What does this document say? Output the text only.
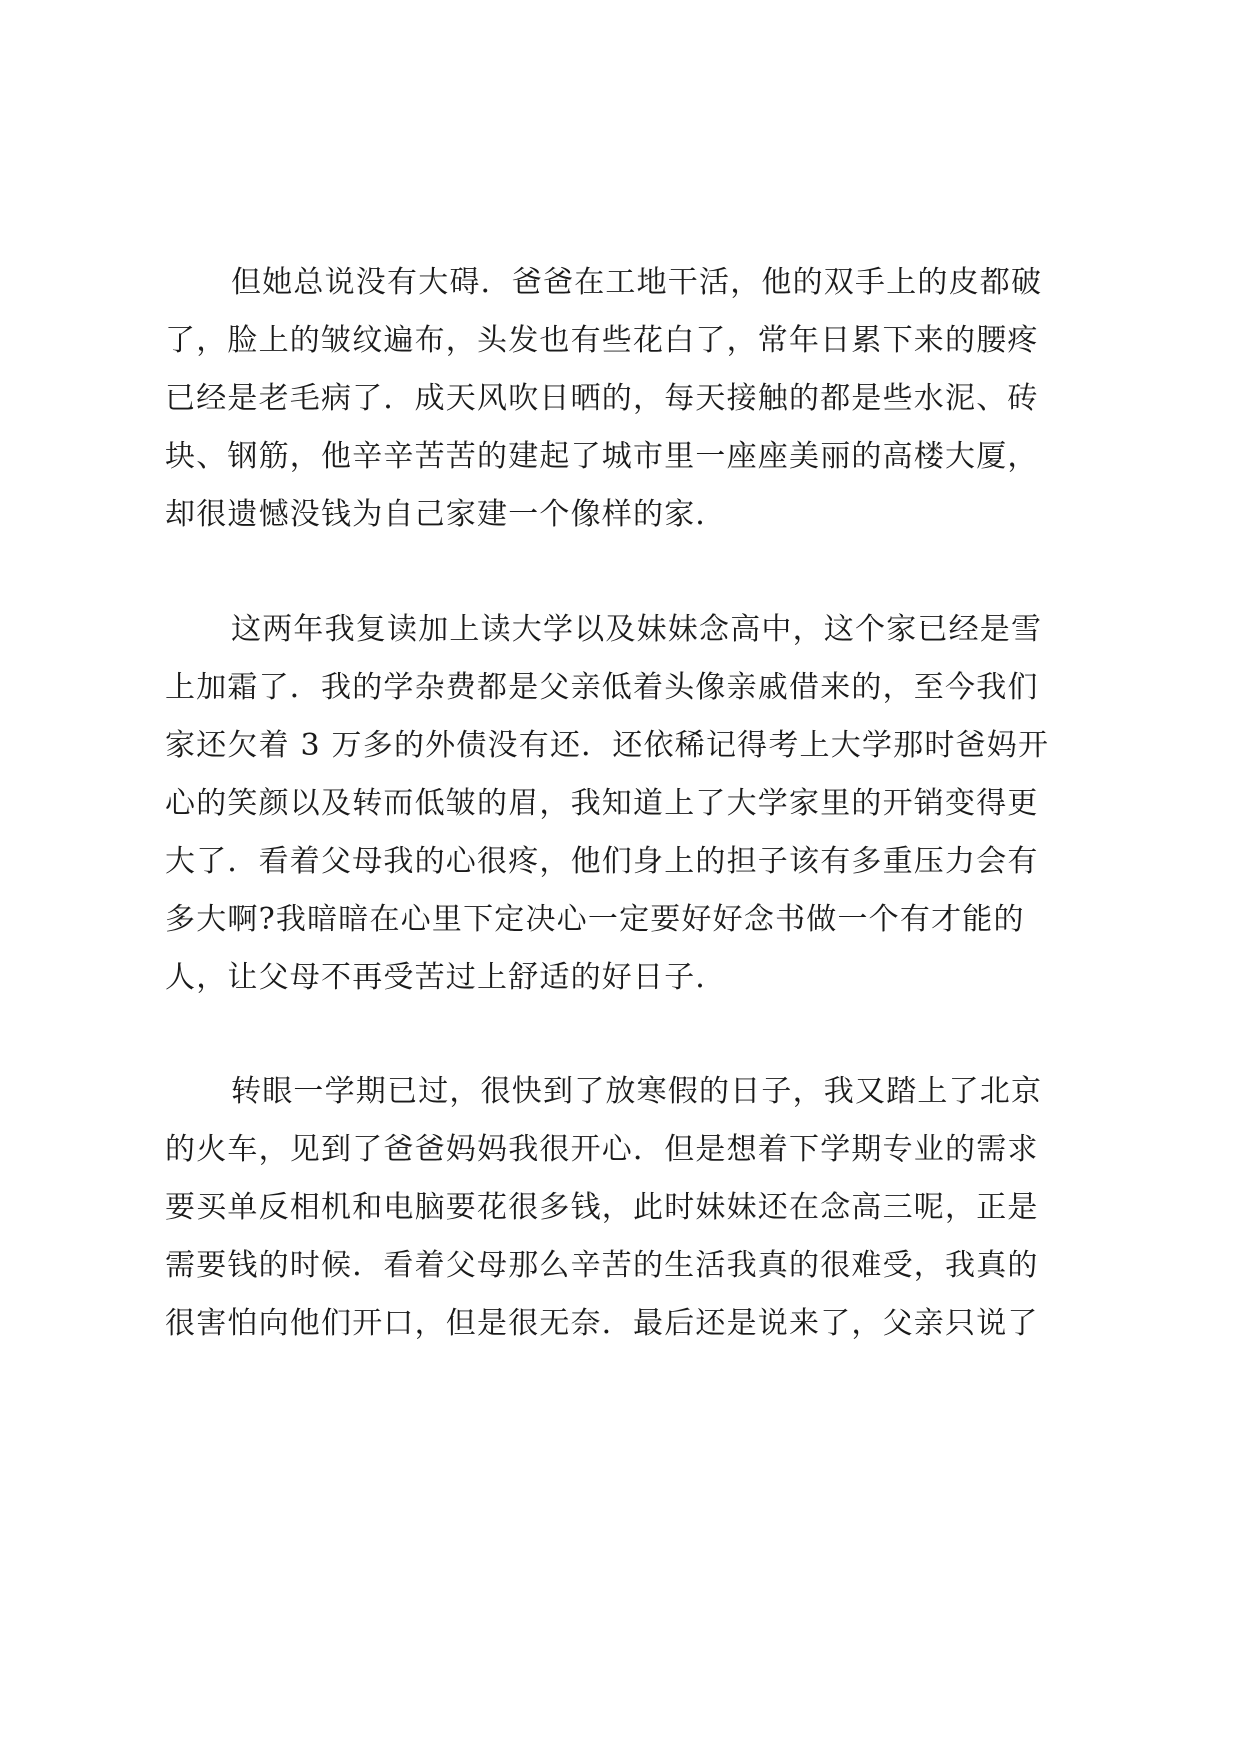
但她总说没有大碍．爸爸在工地干活，他的双手上的皮都破
了，脸上的皱纹遍布，头发也有些花白了，常年日累下来的腰疼
已经是老毛病了．成天风吹日晒的，每天接触的都是些水泥、砖
块、钢筋，他辛辛苦苦的建起了城市里一座座美丽的高楼大厦，
却很遗憾没钱为自己家建一个像样的家．
这两年我复读加上读大学以及妹妹念高中，这个家已经是雪
上加霜了．我的学杂费都是父亲低着头像亲戚借来的，至今我们
家还欠着 3 万多的外债没有还．还依稀记得考上大学那时爸妈开
心的笑颜以及转而低皱的眉，我知道上了大学家里的开销变得更
大了．看着父母我的心很疼，他们身上的担子该有多重压力会有
多大啊?我暗暗在心里下定决心一定要好好念书做一个有才能的
人，让父母不再受苦过上舒适的好日子．
转眼一学期已过，很快到了放寒假的日子，我又踏上了北京
的火车，见到了爸爸妈妈我很开心．但是想着下学期专业的需求
要买单反相机和电脑要花很多钱，此时妹妹还在念高三呢，正是
需要钱的时候．看着父母那么辛苦的生活我真的很难受，我真的
很害怕向他们开口，但是很无奈．最后还是说来了，父亲只说了
